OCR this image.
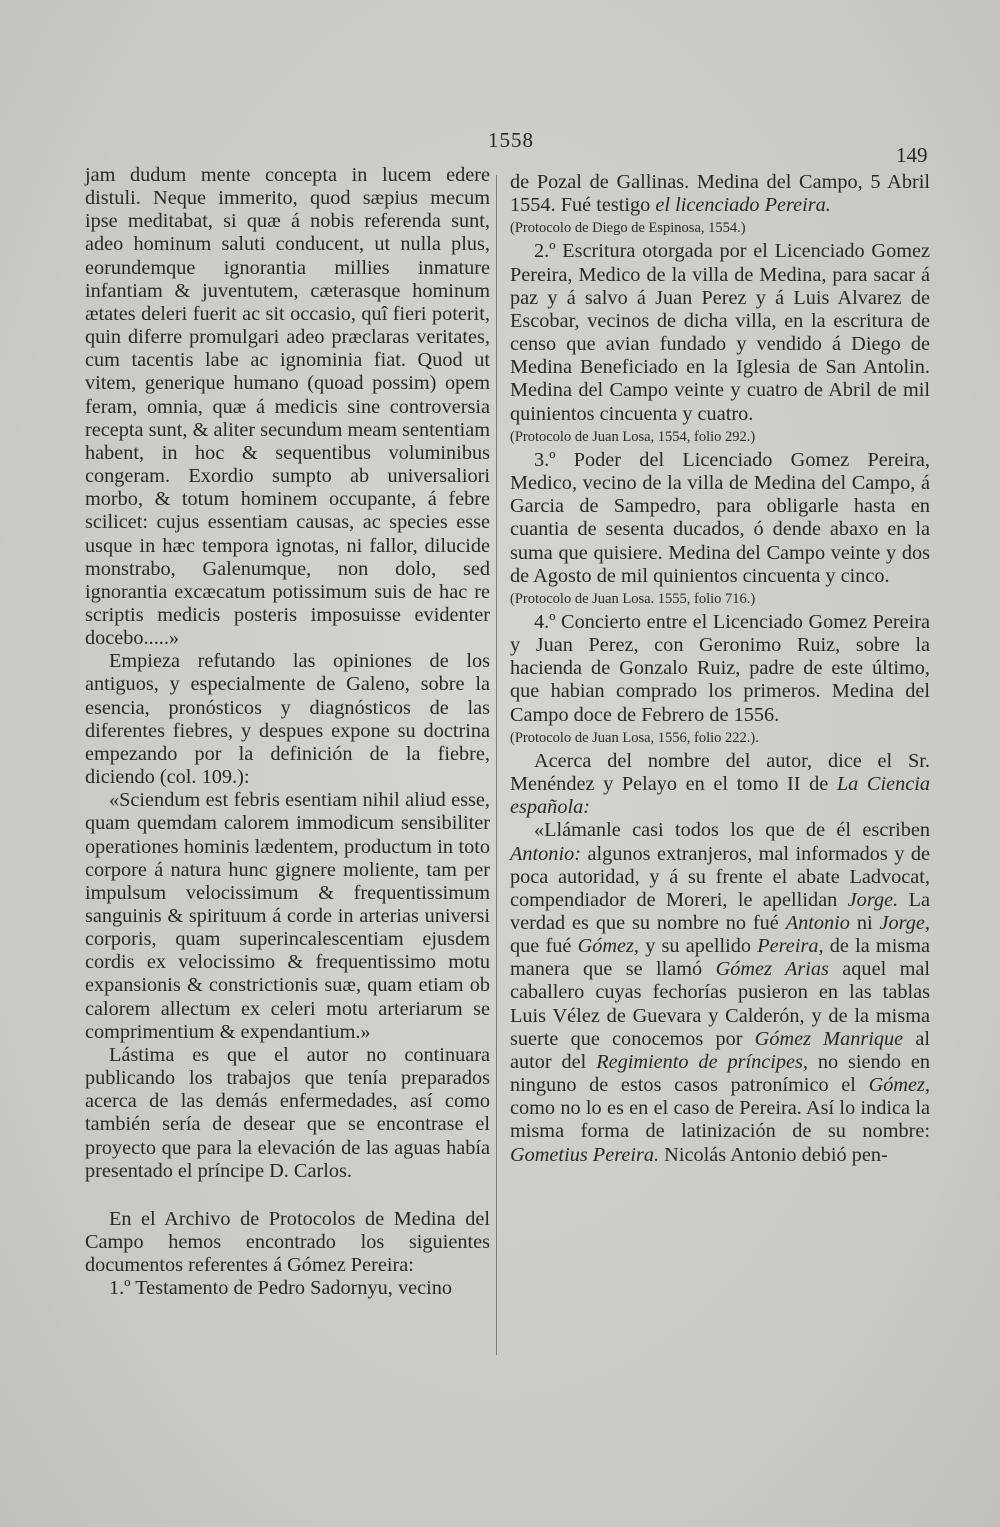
1558
149

jam dudum mente concepta in lucem edere distuli. Neque immerito, quod sæpius mecum ipse meditabat, si quæ á nobis referenda sunt, adeo hominum saluti conducent, ut nulla plus, eorundemque ignorantia millies inmature infantiam & juventutem, cæterasque hominum ætates deleri fuerit ac sit occasio, quî fieri poterit, quin diferre promulgari adeo præclaras veritates, cum tacentis labe ac ignominia fiat. Quod ut vitem, generique humano (quoad possim) opem feram, omnia, quæ á medicis sine controversia recepta sunt, & aliter secundum meam sententiam habent, in hoc & sequentibus voluminibus congeram. Exordio sumpto ab universaliori morbo, & totum hominem occupante, á febre scilicet: cujus essentiam causas, ac species esse usque in hæc tempora ignotas, ni fallor, dilucide monstrabo, Galenumque, non dolo, sed ignorantia excæcatum potissimum suis de hac re scriptis medicis posteris imposuisse evidenter docebo.....»

Empieza refutando las opiniones de los antiguos, y especialmente de Galeno, sobre la esencia, pronósticos y diagnósticos de las diferentes fiebres, y despues expone su doctrina empezando por la definición de la fiebre, diciendo (col. 109.):

«Sciendum est febris esentiam nihil aliud esse, quam quemdam calorem immodicum sensibiliter operationes hominis lædentem, productum in toto corpore á natura hunc gignere moliente, tam per impulsum velocissimum & frequentissimum sanguinis & spirituum á corde in arterias universi corporis, quam superincalescentiam ejusdem cordis ex velocissimo & frequentissimo motu expansionis & constrictionis suæ, quam etiam ob calorem allectum ex celeri motu arteriarum se comprimentium & expendantium.»

Lástima es que el autor no continuara publicando los trabajos que tenía preparados acerca de las demás enfermedades, así como también sería de desear que se encontrase el proyecto que para la elevación de las aguas había presentado el príncipe D. Carlos.

En el Archivo de Protocolos de Medina del Campo hemos encontrado los siguientes documentos referentes á Gómez Pereira:

1.º Testamento de Pedro Sadornyu, vecino

de Pozal de Gallinas. Medina del Campo, 5 Abril 1554. Fué testigo el licenciado Pereira.

(Protocolo de Diego de Espinosa, 1554.)

2.º Escritura otorgada por el Licenciado Gomez Pereira, Medico de la villa de Medina, para sacar á paz y á salvo á Juan Perez y á Luis Alvarez de Escobar, vecinos de dicha villa, en la escritura de censo que avian fundado y vendido á Diego de Medina Beneficiado en la Iglesia de San Antolin. Medina del Campo veinte y cuatro de Abril de mil quinientos cincuenta y cuatro.

(Protocolo de Juan Losa, 1554, folio 292.)

3.º Poder del Licenciado Gomez Pereira, Medico, vecino de la villa de Medina del Campo, á Garcia de Sampedro, para obligarle hasta en cuantia de sesenta ducados, ó dende abaxo en la suma que quisiere. Medina del Campo veinte y dos de Agosto de mil quinientos cincuenta y cinco.

(Protocolo de Juan Losa. 1555, folio 716.)

4.º Concierto entre el Licenciado Gomez Pereira y Juan Perez, con Geronimo Ruiz, sobre la hacienda de Gonzalo Ruiz, padre de este último, que habian comprado los primeros. Medina del Campo doce de Febrero de 1556.

(Protocolo de Juan Losa, 1556, folio 222.).

Acerca del nombre del autor, dice el Sr. Menéndez y Pelayo en el tomo II de La Ciencia española:

«Llámanle casi todos los que de él escriben Antonio: algunos extranjeros, mal informados y de poca autoridad, y á su frente el abate Ladvocat, compendiador de Moreri, le apellidan Jorge. La verdad es que su nombre no fué Antonio ni Jorge, que fué Gómez, y su apellido Pereira, de la misma manera que se llamó Gómez Arias aquel mal caballero cuyas fechorías pusieron en las tablas Luis Vélez de Guevara y Calderón, y de la misma suerte que conocemos por Gómez Manrique al autor del Regimiento de príncipes, no siendo en ninguno de estos casos patronímico el Gómez, como no lo es en el caso de Pereira. Así lo indica la misma forma de latinización de su nombre: Gometius Pereira. Nicolás Antonio debió pen-
